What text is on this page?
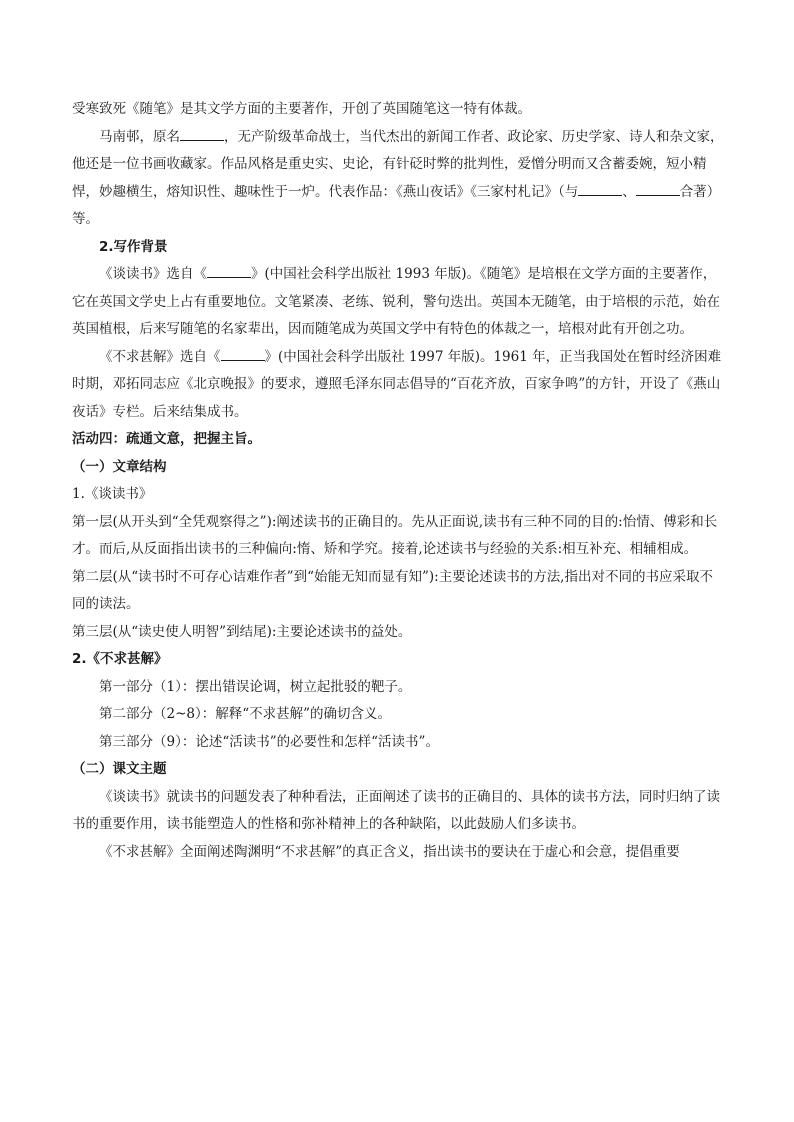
受寒致死《随笔》是其文学方面的主要著作，开创了英国随笔这一特有体裁。

马南邨，原名	，无产阶级革命战士，当代杰出的新闻工作者、政论家、历史学家、诗人和杂文家，他还是一位书画收藏家。作品风格是重史实、史论，有针砭时弊的批判性，爱憎分明而又含蓄委婉，短小精悍，妙趣横生，熔知识性、趣味性于一炉。代表作品：《燕山夜话》《三家村札记》（与	、	合著）等。

2.写作背景

《谈读书》选自《	》(中国社会科学出版社 1993 年版)。《随笔》是培根在文学方面的主要著作，它在英国文学史上占有重要地位。文笔紧凑、老练、锐利，警句迭出。英国本无随笔，由于培根的示范，始在英国植根，后来写随笔的名家辈出，因而随笔成为英国文学中有特色的体裁之一，培根对此有开创之功。

《不求甚解》选自《	》(中国社会科学出版社 1997 年版)。1961 年，正当我国处在暂时经济困难时期，邓拓同志应《北京晚报》的要求，遵照毛泽东同志倡导的“百花齐放，百家争鸣”的方针，开设了《燕山夜话》专栏。后来结集成书。

活动四：疏通文意，把握主旨。

（一）文章结构

1.《谈读书》

第一层(从开头到“全凭观察得之”):阐述读书的正确目的。先从正面说,读书有三种不同的目的:怡情、傅彩和长才。而后,从反面指出读书的三种偏向:惰、矫和学究。接着,论述读书与经验的关系:相互补充、相辅相成。

第二层(从“读书时不可存心诘难作者”到“始能无知而显有知”):主要论述读书的方法,指出对不同的书应采取不同的读法。

第三层(从“读史使人明智”到结尾):主要论述读书的益处。

2.《不求甚解》

第一部分（1）：摆出错误论调，树立起批驳的靶子。

第二部分（2~8）：解释“不求甚解”的确切含义。

第三部分（9）：论述“活读书”的必要性和怎样“活读书”。

（二）课文主题

《谈读书》就读书的问题发表了种种看法，正面阐述了读书的正确目的、具体的读书方法，同时归纳了读书的重要作用，读书能塑造人的性格和弥补精神上的各种缺陷，以此鼓励人们多读书。

《不求甚解》全面阐述陶渊明“不求甚解”的真正含义，指出读书的要诀在于虚心和会意，提倡重要
